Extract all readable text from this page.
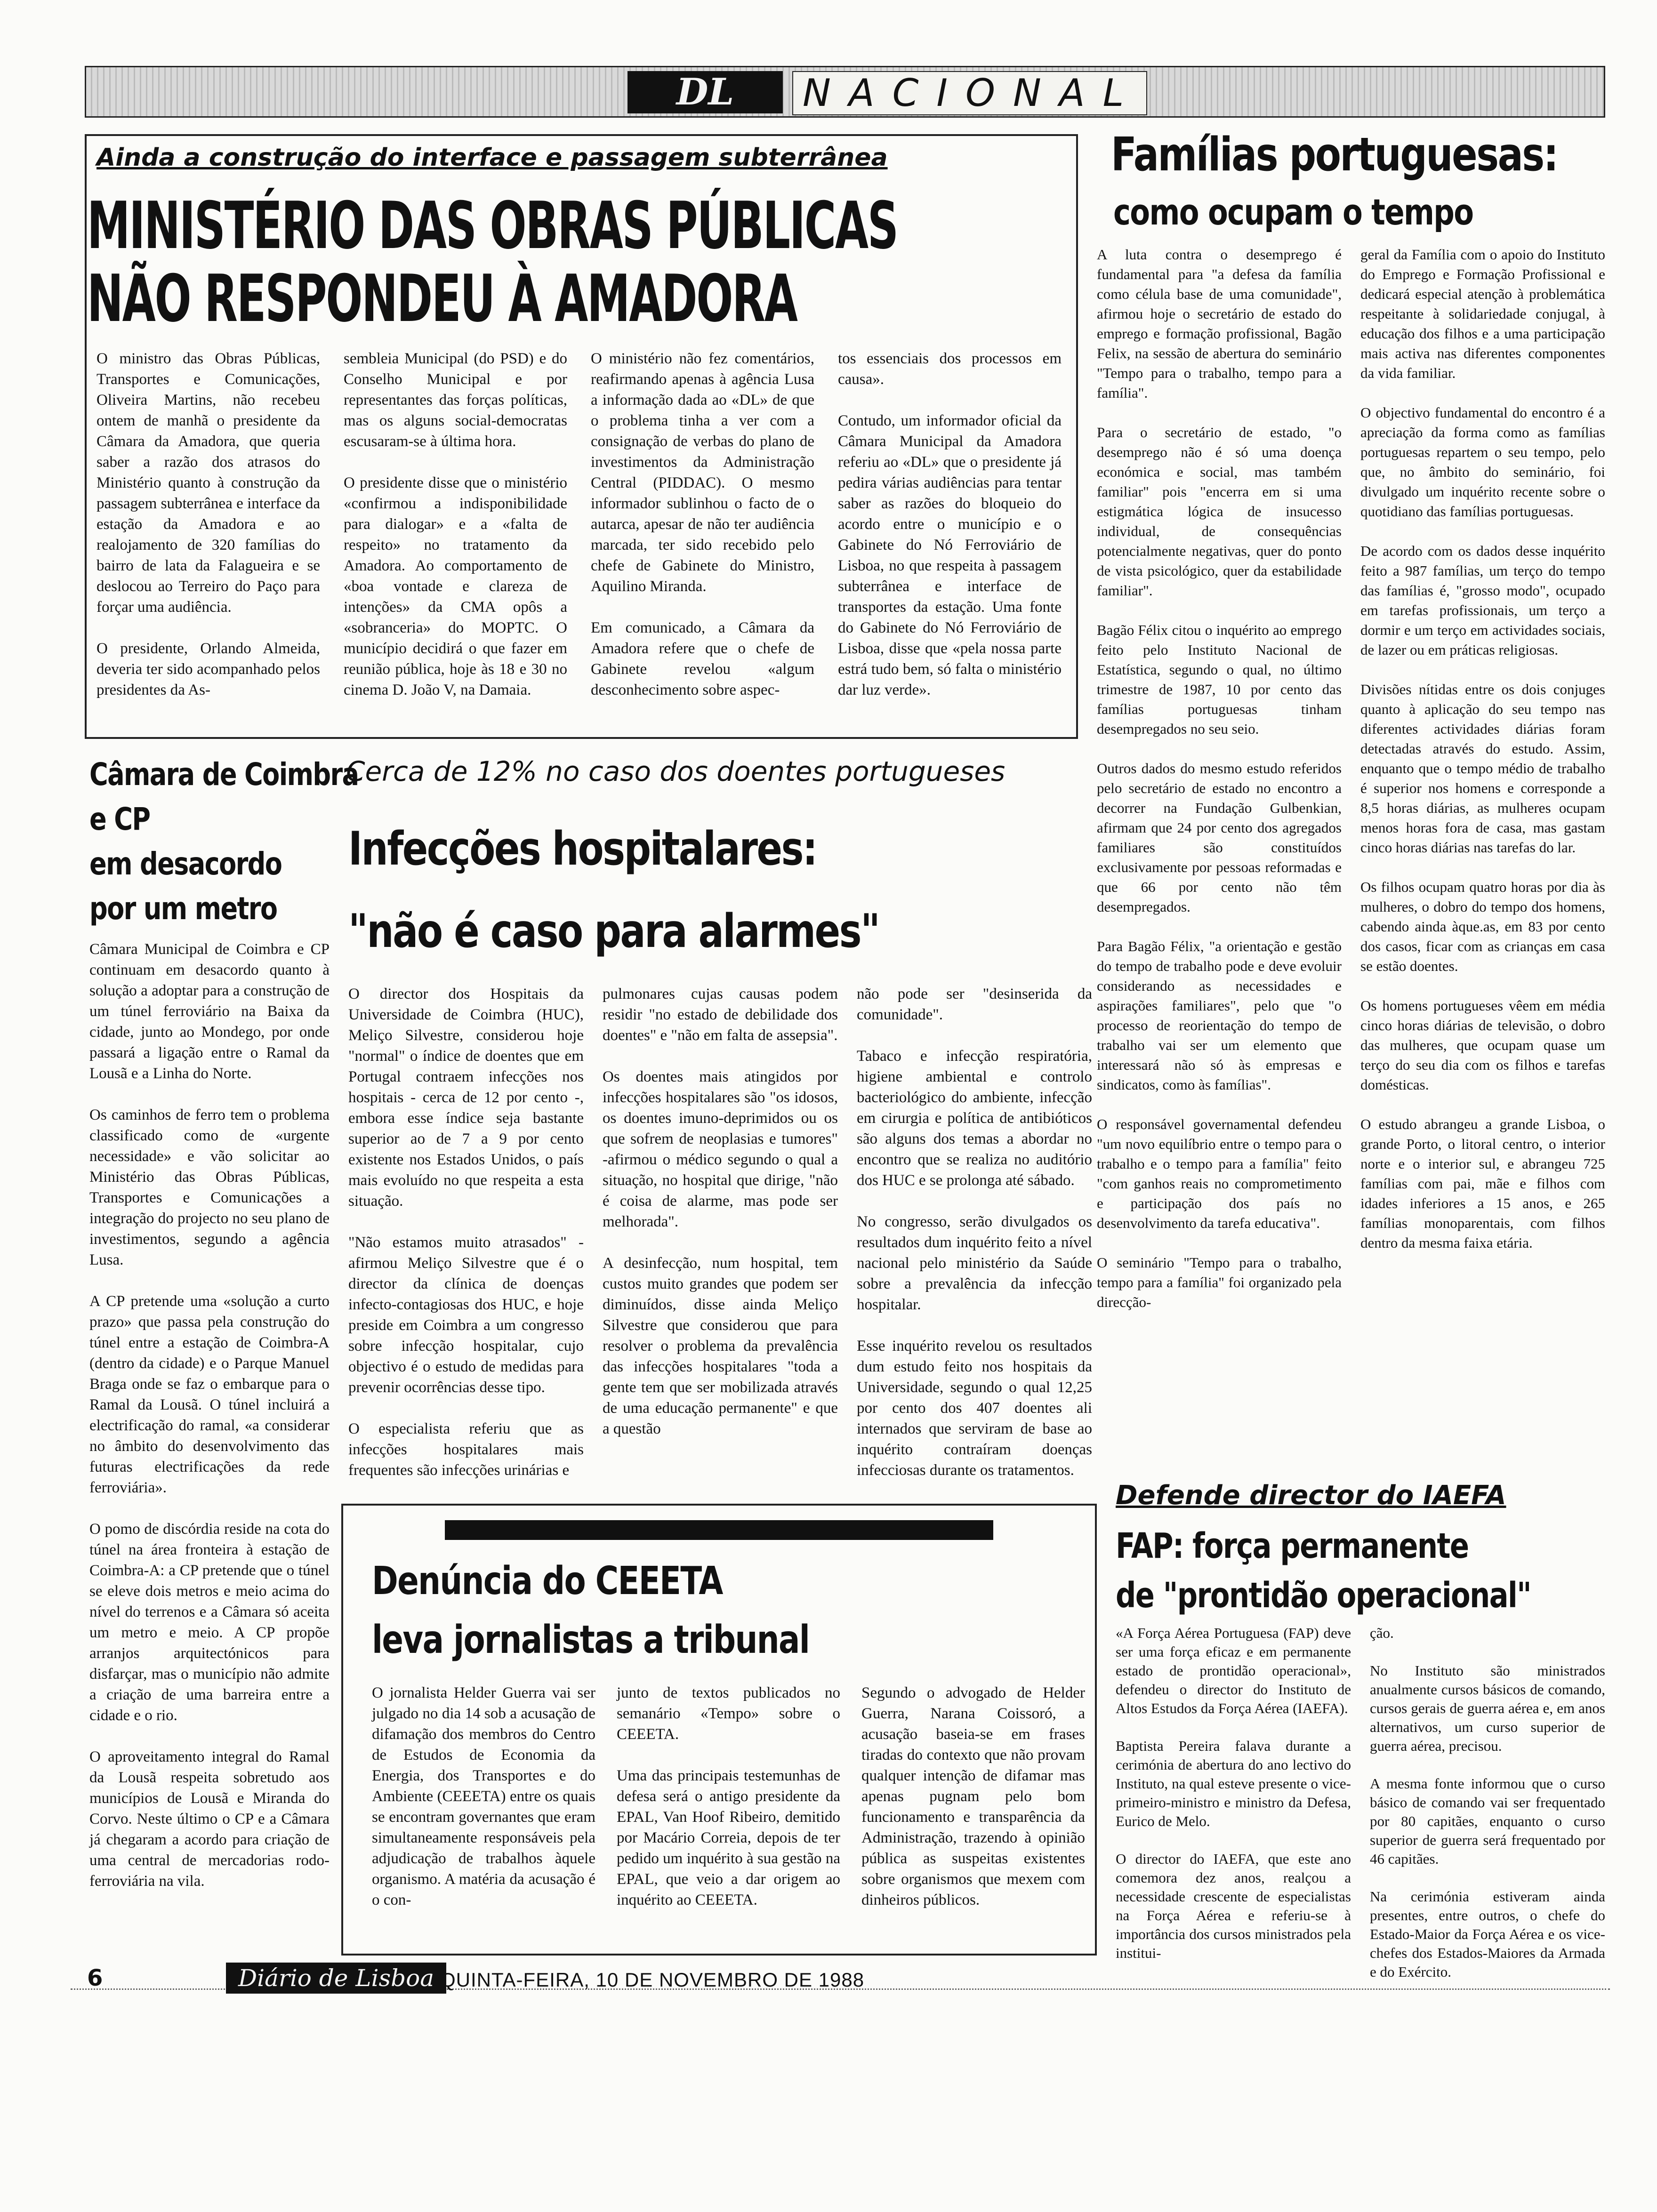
DL	NACIONAL
Ainda a construção do interface e passagem subterrânea
MINISTÉRIO DAS OBRAS PÚBLICAS
NÃO RESPONDEU À AMADORA
O ministro das Obras Públicas, Transportes e Comunicações, Oliveira Martins, não recebeu ontem de manhã o presidente da Câmara da Amadora, que queria saber a razão dos atrasos do Ministério quanto à construção da passagem subterrânea e interface da estação da Amadora e ao realojamento de 320 famílias do bairro de lata da Falagueira e se deslocou ao Terreiro do Paço para forçar uma audiência.

O presidente, Orlando Almeida, deveria ter sido acompanhado pelos presidentes da As-
sembleia Municipal (do PSD) e do Conselho Municipal e por representantes das forças políticas, mas os alguns social-democratas escusaram-se à última hora.

O presidente disse que o ministério «confirmou a indisponibilidade para dialogar» e a «falta de respeito» no tratamento da Amadora. Ao comportamento de «boa vontade e clareza de intenções» da CMA opôs a «sobranceria» do MOPTC. O município decidirá o que fazer em reunião pública, hoje às 18 e 30 no cinema D. João V, na Damaia.
O ministério não fez comentários, reafirmando apenas à agência Lusa a informação dada ao «DL» de que o problema tinha a ver com a consignação de verbas do plano de investimentos da Administração Central (PIDDAC). O mesmo informador sublinhou o facto de o autarca, apesar de não ter audiência marcada, ter sido recebido pelo chefe de Gabinete do Ministro, Aquilino Miranda.

Em comunicado, a Câmara da Amadora refere que o chefe de Gabinete revelou «algum desconhecimento sobre aspec-
tos essenciais dos processos em causa».

Contudo, um informador oficial da Câmara Municipal da Amadora referiu ao «DL» que o presidente já pedira várias audiências para tentar saber as razões do bloqueio do acordo entre o município e o Gabinete do Nó Ferroviário de Lisboa, no que respeita à passagem subterrânea e interface de transportes da estação. Uma fonte do Gabinete do Nó Ferroviário de Lisboa, disse que «pela nossa parte estrá tudo bem, só falta o ministério dar luz verde».
Famílias portuguesas:
como ocupam o tempo
A luta contra o desemprego é fundamental para "a defesa da família como célula base de uma comunidade", afirmou hoje o secretário de estado do emprego e formação profissional, Bagão Felix, na sessão de abertura do seminário "Tempo para o trabalho, tempo para a família".

Para o secretário de estado, "o desemprego não é só uma doença económica e social, mas também familiar" pois "encerra em si uma estigmática lógica de insucesso individual, de consequências potencialmente negativas, quer do ponto de vista psicológico, quer da estabilidade familiar".

Bagão Félix citou o inquérito ao emprego feito pelo Instituto Nacional de Estatística, segundo o qual, no último trimestre de 1987, 10 por cento das famílias portuguesas tinham desempregados no seu seio.

Outros dados do mesmo estudo referidos pelo secretário de estado no encontro a decorrer na Fundação Gulbenkian, afirmam que 24 por cento dos agregados familiares são constituídos exclusivamente por pessoas reformadas e que 66 por cento não têm desempregados.

Para Bagão Félix, "a orientação e gestão do tempo de trabalho pode e deve evoluir considerando as necessidades e aspirações familiares", pelo que "o processo de reorientação do tempo de trabalho vai ser um elemento que interessará não só às empresas e sindicatos, como às famílias".

O responsável governamental defendeu "um novo equilíbrio entre o tempo para o trabalho e o tempo para a família" feito "com ganhos reais no comprometimento e participação dos país no desenvolvimento da tarefa educativa".

O seminário "Tempo para o trabalho, tempo para a família" foi organizado pela direcção-
geral da Família com o apoio do Instituto do Emprego e Formação Profissional e dedicará especial atenção à problemática respeitante à solidariedade conjugal, à educação dos filhos e a uma participação mais activa nas diferentes componentes da vida familiar.

O objectivo fundamental do encontro é a apreciação da forma como as famílias portuguesas repartem o seu tempo, pelo que, no âmbito do seminário, foi divulgado um inquérito recente sobre o quotidiano das famílias portuguesas.

De acordo com os dados desse inquérito feito a 987 famílias, um terço do tempo das famílias é, "grosso modo", ocupado em tarefas profissionais, um terço a dormir e um terço em actividades sociais, de lazer ou em práticas religiosas.

Divisões nítidas entre os dois conjuges quanto à aplicação do seu tempo nas diferentes actividades diárias foram detectadas através do estudo. Assim, enquanto que o tempo médio de trabalho é superior nos homens e corresponde a 8,5 horas diárias, as mulheres ocupam menos horas fora de casa, mas gastam cinco horas diárias nas tarefas do lar.

Os filhos ocupam quatro horas por dia às mulheres, o dobro do tempo dos homens, cabendo ainda àque.as, em 83 por cento dos casos, ficar com as crianças em casa se estão doentes.

Os homens portugueses vêem em média cinco horas diárias de televisão, o dobro das mulheres, que ocupam quase um terço do seu dia com os filhos e tarefas domésticas.

O estudo abrangeu a grande Lisboa, o grande Porto, o litoral centro, o interior norte e o interior sul, e abrangeu 725 famílias com pai, mãe e filhos com idades inferiores a 15 anos, e 265 famílias monoparentais, com filhos dentro da mesma faixa etária.
Câmara de Coimbra
e CP
em desacordo
por um metro
Câmara Municipal de Coimbra e CP continuam em desacordo quanto à solução a adoptar para a construção de um túnel ferroviário na Baixa da cidade, junto ao Mondego, por onde passará a ligação entre o Ramal da Lousã e a Linha do Norte.

Os caminhos de ferro tem o problema classificado como de «urgente necessidade» e vão solicitar ao Ministério das Obras Públicas, Transportes e Comunicações a integração do projecto no seu plano de investimentos, segundo a agência Lusa.

A CP pretende uma «solução a curto prazo» que passa pela construção do túnel entre a estação de Coimbra-A (dentro da cidade) e o Parque Manuel Braga onde se faz o embarque para o Ramal da Lousã. O túnel incluirá a electrificação do ramal, «a considerar no âmbito do desenvolvimento das futuras electrificações da rede ferroviária».

O pomo de discórdia reside na cota do túnel na área fronteira à estação de Coimbra-A: a CP pretende que o túnel se eleve dois metros e meio acima do nível do terrenos e a Câmara só aceita um metro e meio. A CP propõe arranjos arquitectónicos para disfarçar, mas o município não admite a criação de uma barreira entre a cidade e o rio.

O aproveitamento integral do Ramal da Lousã respeita sobretudo aos municípios de Lousã e Miranda do Corvo. Neste último o CP e a Câmara já chegaram a acordo para criação de uma central de mercadorias rodo-ferroviária na vila.
Cerca de 12% no caso dos doentes portugueses
Infecções hospitalares:
"não é caso para alarmes"
O director dos Hospitais da Universidade de Coimbra (HUC), Meliço Silvestre, considerou hoje "normal" o índice de doentes que em Portugal contraem infecções nos hospitais - cerca de 12 por cento -, embora esse índice seja bastante superior ao de 7 a 9 por cento existente nos Estados Unidos, o país mais evoluído no que respeita a esta situação.

"Não estamos muito atrasados" - afirmou Meliço Silvestre que é o director da clínica de doenças infecto-contagiosas dos HUC, e hoje preside em Coimbra a um congresso sobre infecção hospitalar, cujo objectivo é o estudo de medidas para prevenir ocorrências desse tipo.

O especialista referiu que as infecções hospitalares mais frequentes são infecções urinárias e
pulmonares cujas causas podem residir "no estado de debilidade dos doentes" e "não em falta de assepsia".

Os doentes mais atingidos por infecções hospitalares são "os idosos, os doentes imuno-deprimidos ou os que sofrem de neoplasias e tumores" -afirmou o médico segundo o qual a situação, no hospital que dirige, "não é coisa de alarme, mas pode ser melhorada".

A desinfecção, num hospital, tem custos muito grandes que podem ser diminuídos, disse ainda Meliço Silvestre que considerou que para resolver o problema da prevalência das infecções hospitalares "toda a gente tem que ser mobilizada através de uma educação permanente" e que a questão
não pode ser "desinserida da comunidade".

Tabaco e infecção respiratória, higiene ambiental e controlo bacteriológico do ambiente, infecção em cirurgia e política de antibióticos são alguns dos temas a abordar no encontro que se realiza no auditório dos HUC e se prolonga até sábado.

No congresso, serão divulgados os resultados dum inquérito feito a nível nacional pelo ministério da Saúde sobre a prevalência da infecção hospitalar.

Esse inquérito revelou os resultados dum estudo feito nos hospitais da Universidade, segundo o qual 12,25 por cento dos 407 doentes ali internados que serviram de base ao inquérito contraíram doenças infecciosas durante os tratamentos.
Denúncia do CEEETA
leva jornalistas a tribunal
O jornalista Helder Guerra vai ser julgado no dia 14 sob a acusação de difamação dos membros do Centro de Estudos de Economia da Energia, dos Transportes e do Ambiente (CEEETA) entre os quais se encontram governantes que eram simultaneamente responsáveis pela adjudicação de trabalhos àquele organismo. A matéria da acusação é o con-
junto de textos publicados no semanário «Tempo» sobre o CEEETA.

Uma das principais testemunhas de defesa será o antigo presidente da EPAL, Van Hoof Ribeiro, demitido por Macário Correia, depois de ter pedido um inquérito à sua gestão na EPAL, que veio a dar origem ao inquérito ao CEEETA.
Segundo o advogado de Helder Guerra, Narana Coissoró, a acusação baseia-se em frases tiradas do contexto que não provam qualquer intenção de difamar mas apenas pugnam pelo bom funcionamento e transparência da Administração, trazendo à opinião pública as suspeitas existentes sobre organismos que mexem com dinheiros públicos.
Defende director do IAEFA
FAP: força permanente
de "prontidão operacional"
«A Força Aérea Portuguesa (FAP) deve ser uma força eficaz e em permanente estado de prontidão operacional», defendeu o director do Instituto de Altos Estudos da Força Aérea (IAEFA).

Baptista Pereira falava durante a cerimónia de abertura do ano lectivo do Instituto, na qual esteve presente o vice-primeiro-ministro e ministro da Defesa, Eurico de Melo.

O director do IAEFA, que este ano comemora dez anos, realçou a necessidade crescente de especialistas na Força Aérea e referiu-se à importância dos cursos ministrados pela institui-
ção.

No Instituto são ministrados anualmente cursos básicos de comando, cursos gerais de guerra aérea e, em anos alternativos, um curso superior de guerra aérea, precisou.

A mesma fonte informou que o curso básico de comando vai ser frequentado por 80 capitães, enquanto o curso superior de guerra será frequentado por 46 capitães.

Na cerimónia estiveram ainda presentes, entre outros, o chefe do Estado-Maior da Força Aérea e os vice-chefes dos Estados-Maiores da Armada e do Exército.
6	Diário de Lisboa QUINTA-FEIRA, 10 DE NOVEMBRO DE 1988
